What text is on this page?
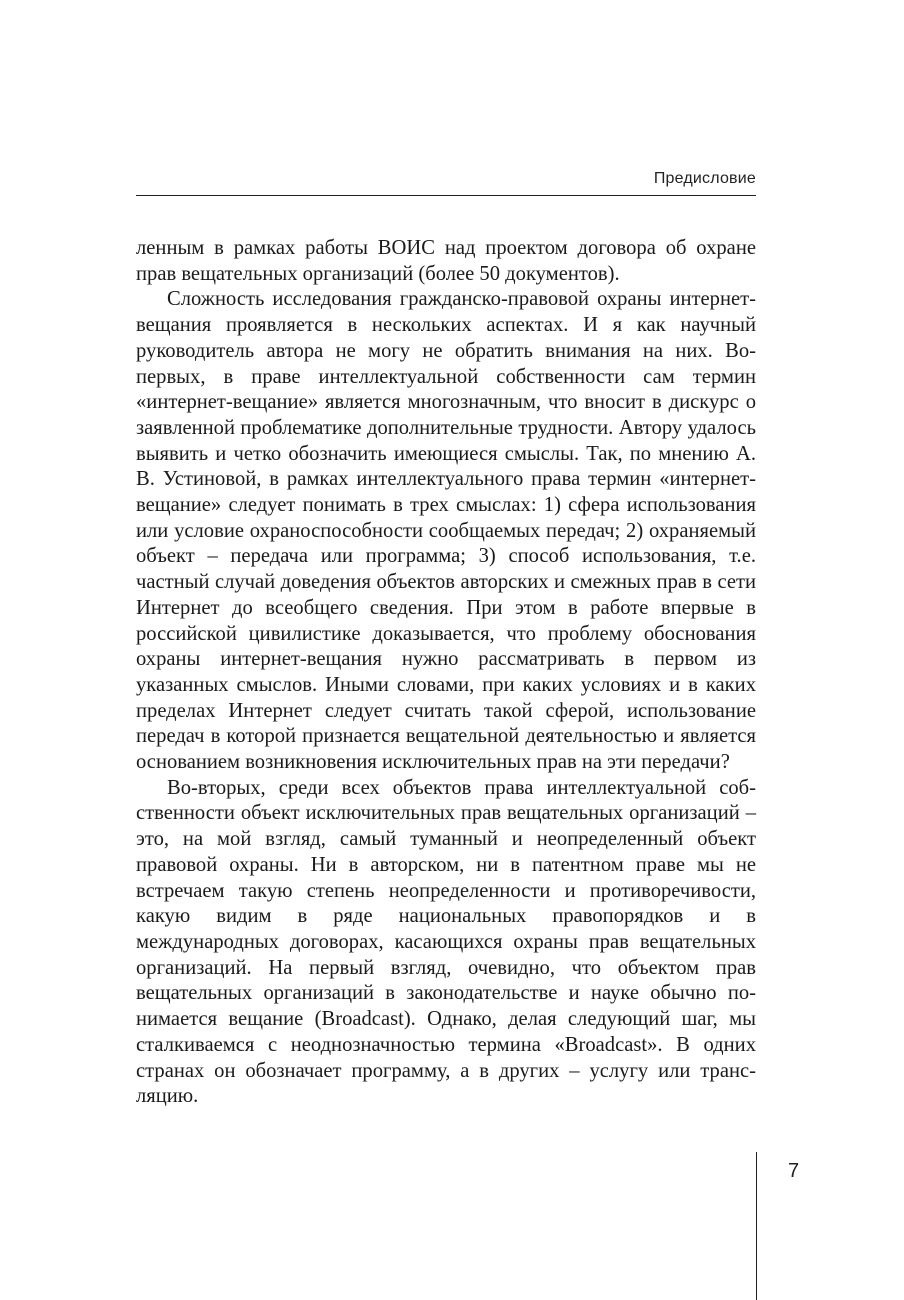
Предисловие

ленным в рамках работы ВОИС над проектом договора об охране прав вещательных организаций (более 50 документов).

Сложность исследования гражданско-правовой охраны интернет-вещания проявляется в нескольких аспектах. И я как научный руководитель автора не могу не обратить внимания на них. Во-первых, в праве интеллектуальной собственности сам термин «интернет-вещание» является многозначным, что вносит в дискурс о заявленной проблематике дополнительные трудности. Автору удалось выявить и четко обозначить имеющиеся смыслы. Так, по мнению А. В. Устиновой, в рамках интеллектуального права термин «интернет-вещание» следует понимать в трех смыслах: 1) сфера использования или условие охраноспособности сообщаемых передач; 2) охраняемый объект – передача или программа; 3) способ использования, т.е. частный случай доведения объектов авторских и смежных прав в сети Интернет до всеобщего сведения. При этом в работе впервые в российской цивилистике доказывается, что проблему обоснования охраны интернет-вещания нужно рассматривать в первом из указанных смыслов. Иными словами, при каких условиях и в каких пределах Интернет следует считать такой сферой, использование передач в которой признается вещательной деятельностью и является основанием возникновения исключительных прав на эти передачи?

Во-вторых, среди всех объектов права интеллектуальной собственности объект исключительных прав вещательных организаций – это, на мой взгляд, самый туманный и неопределенный объект правовой охраны. Ни в авторском, ни в патентном праве мы не встречаем такую степень неопределенности и противоречивости, какую видим в ряде национальных правопорядков и в международных договорах, касающихся охраны прав вещательных организаций. На первый взгляд, очевидно, что объектом прав вещательных организаций в законодательстве и науке обычно понимается вещание (Broadcast). Однако, делая следующий шаг, мы сталкиваемся с неоднозначностью термина «Broadcast». В одних странах он обозначает программу, а в других – услугу или трансляцию.

7
